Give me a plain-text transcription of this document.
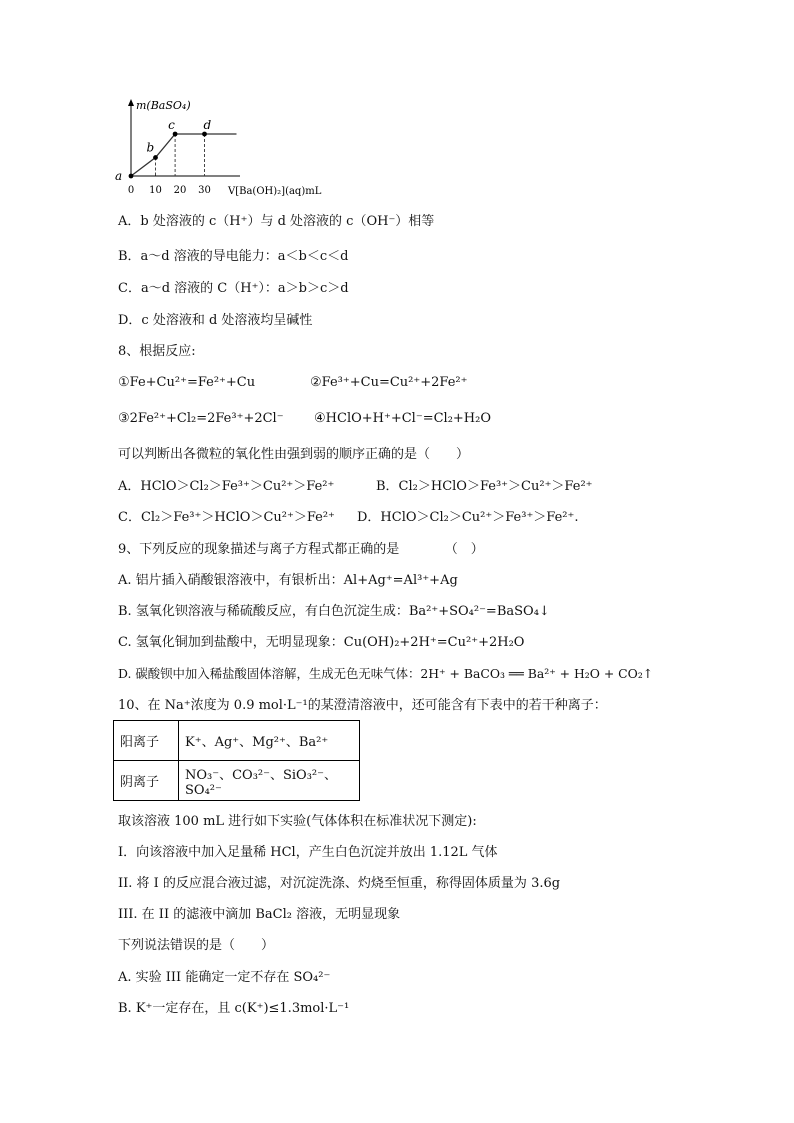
m(BaSO₄)
V[Ba(OH)₂](aq)mL
0 10 20 30
a
b
c d
A．b 处溶液的 c（H⁺）与 d 处溶液的 c（OH⁻）相等
B．a～d 溶液的导电能力：a＜b＜c＜d
C．a～d 溶液的 C（H⁺）：a＞b＞c＞d
D．c 处溶液和 d 处溶液均呈碱性
8、根据反应:
①Fe+Cu²⁺=Fe²⁺+Cu	②Fe³⁺+Cu=Cu²⁺+2Fe²⁺
③2Fe²⁺+Cl₂=2Fe³⁺+2Cl⁻ ④HClO+H⁺+Cl⁻=Cl₂+H₂O
可以判断出各微粒的氧化性由强到弱的顺序正确的是（　　）
A．HClO＞Cl₂＞Fe³⁺＞Cu²⁺＞Fe²⁺	B．Cl₂＞HClO＞Fe³⁺＞Cu²⁺＞Fe²⁺
C．Cl₂＞Fe³⁺＞HClO＞Cu²⁺＞Fe²⁺ D．HClO＞Cl₂＞Cu²⁺＞Fe³⁺＞Fe²⁺.
9、下列反应的现象描述与离子方程式都正确的是　　　　（　）
A. 铝片插入硝酸银溶液中，有银析出：Al+Ag⁺=Al³⁺+Ag
B. 氢氧化钡溶液与稀硫酸反应，有白色沉淀生成：Ba²⁺+SO₄²⁻=BaSO₄↓
C. 氢氧化铜加到盐酸中，无明显现象：Cu(OH)₂+2H⁺=Cu²⁺+2H₂O
D. 碳酸钡中加入稀盐酸固体溶解，生成无色无味气体：2H⁺ + BaCO₃ ══ Ba²⁺ + H₂O + CO₂↑
10、在 Na⁺浓度为 0.9 mol·L⁻¹的某澄清溶液中，还可能含有下表中的若干种离子：
阳离子	K⁺、Ag⁺、Mg²⁺、Ba²⁺
阴离子	NO₃⁻、CO₃²⁻、SiO₃²⁻、SO₄²⁻
取该溶液 100 mL 进行如下实验(气体体积在标准状况下测定):
I．向该溶液中加入足量稀 HCl，产生白色沉淀并放出 1.12L 气体
II. 将 I 的反应混合液过滤，对沉淀洗涤、灼烧至恒重，称得固体质量为 3.6g
III. 在 II 的滤液中滴加 BaCl₂ 溶液，无明显现象
下列说法错误的是（　　）
A. 实验 III 能确定一定不存在 SO₄²⁻
B. K⁺一定存在，且 c(K⁺)≤1.3mol·L⁻¹
